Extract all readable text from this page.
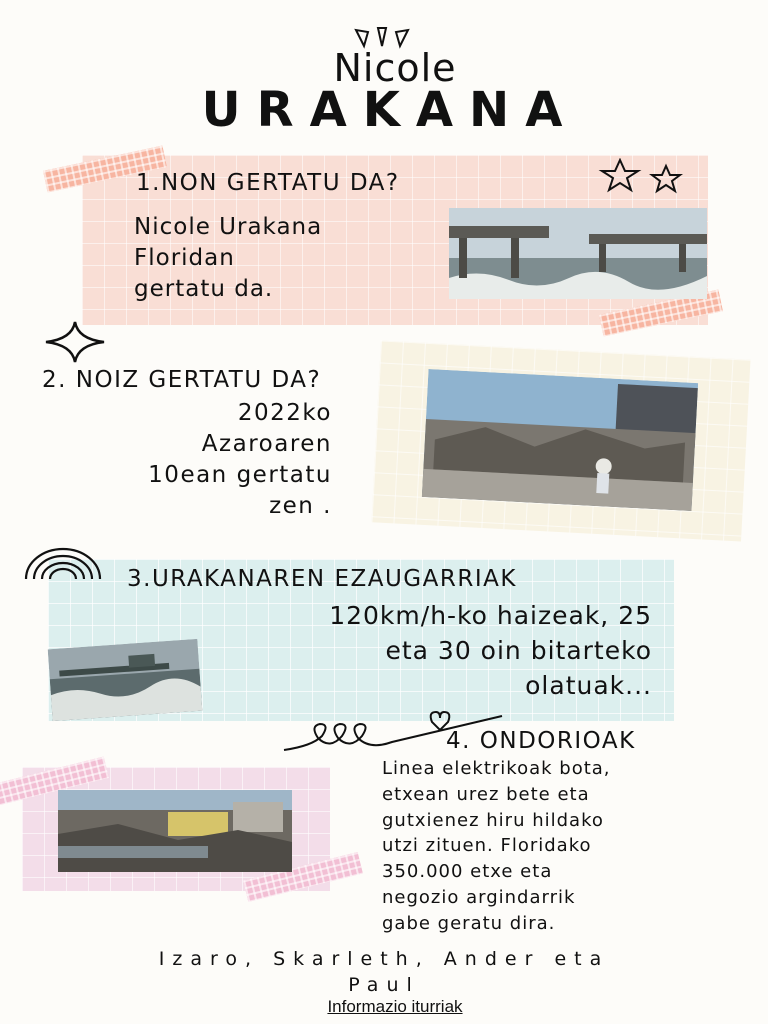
Nicole
URAKANA
1.NON GERTATU DA?
Nicole Urakana
Floridan
gertatu da.
2. NOIZ GERTATU DA?
2022ko
Azaroaren
10ean gertatu
zen .
3.URAKANAREN EZAUGARRIAK
120km/h-ko haizeak, 25
eta 30 oin bitarteko
olatuak...
4. ONDORIOAK
Linea elektrikoak bota,
etxean urez bete eta
gutxienez hiru hildako
utzi zituen. Floridako
350.000 etxe eta
negozio argindarrik
gabe geratu dira.
Izaro, Skarleth, Ander eta
Paul
Informazio iturriak
